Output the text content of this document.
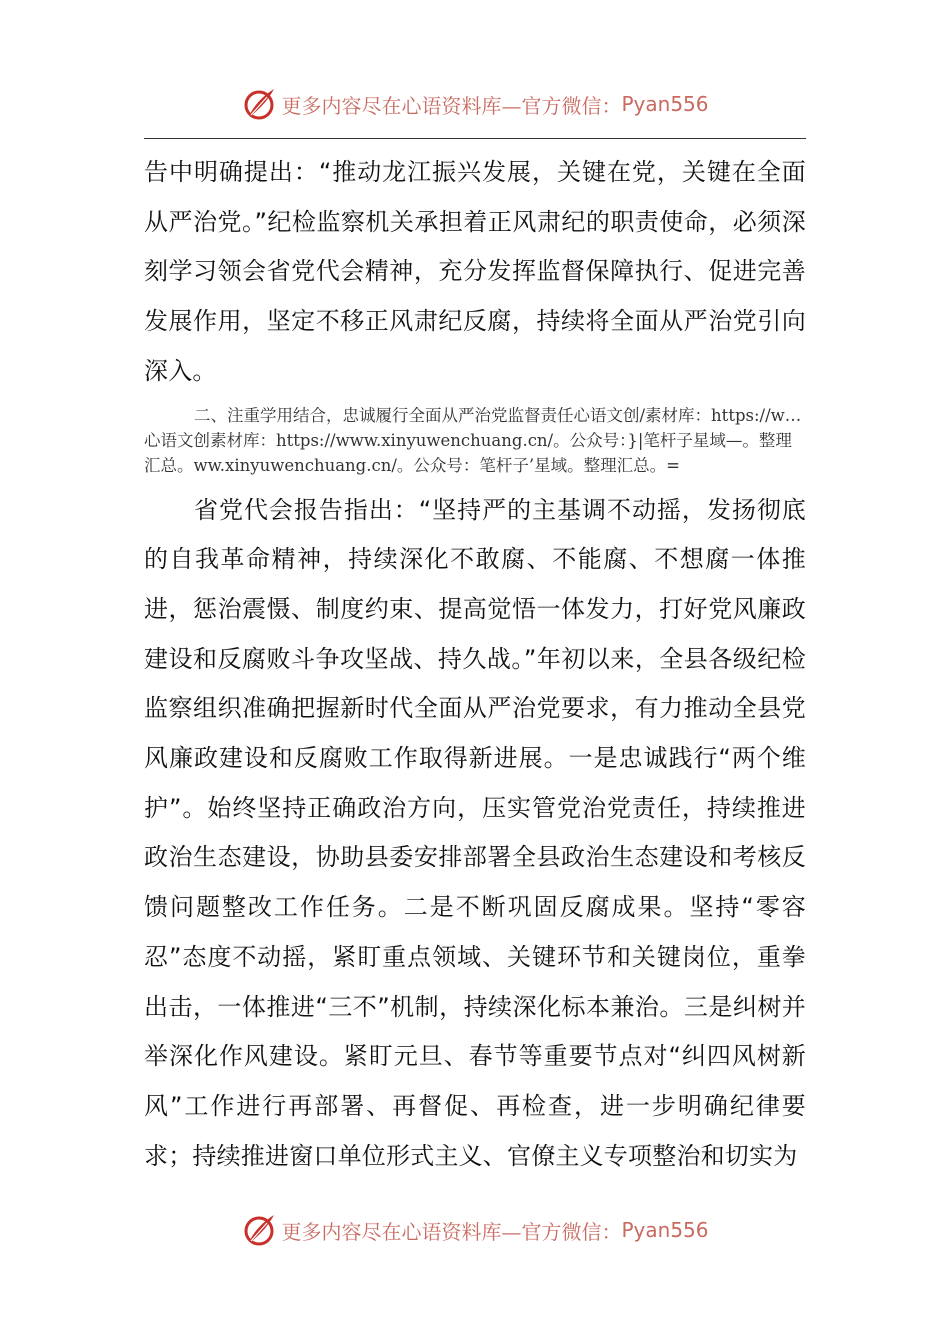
更多内容尽在心语资料库—官方微信： Pyan556

告中明确提出：“推动龙江振兴发展，关键在党，关键在全面从严治党。”纪检监察机关承担着正风肃纪的职责使命，必须深刻学习领会省党代会精神，充分发挥监督保障执行、促进完善发展作用，坚定不移正风肃纪反腐，持续将全面从严治党引向深入。

二、注重学用结合，忠诚履行全面从严治党监督责任心语文创/素材库：https://w…心语文创素材库：https://www.xinyuwenchuang.cn/。公众号：}|笔杆子星域—。整理汇总。ww.xinyuwenchuang.cn/。公众号：笔杆子’星域。整理汇总。=

省党代会报告指出：“坚持严的主基调不动摇，发扬彻底的自我革命精神，持续深化不敢腐、不能腐、不想腐一体推进，惩治震慑、制度约束、提高觉悟一体发力，打好党风廉政建设和反腐败斗争攻坚战、持久战。”年初以来，全县各级纪检监察组织准确把握新时代全面从严治党要求，有力推动全县党风廉政建设和反腐败工作取得新进展。一是忠诚践行“两个维护”。始终坚持正确政治方向，压实管党治党责任，持续推进政治生态建设，协助县委安排部署全县政治生态建设和考核反馈问题整改工作任务。二是不断巩固反腐成果。坚持“零容忍”态度不动摇，紧盯重点领域、关键环节和关键岗位，重拳出击，一体推进“三不”机制，持续深化标本兼治。三是纠树并举深化作风建设。紧盯元旦、春节等重要节点对“纠四风树新风”工作进行再部署、再督促、再检查，进一步明确纪律要求；持续推进窗口单位形式主义、官僚主义专项整治和切实为

更多内容尽在心语资料库—官方微信： Pyan556
